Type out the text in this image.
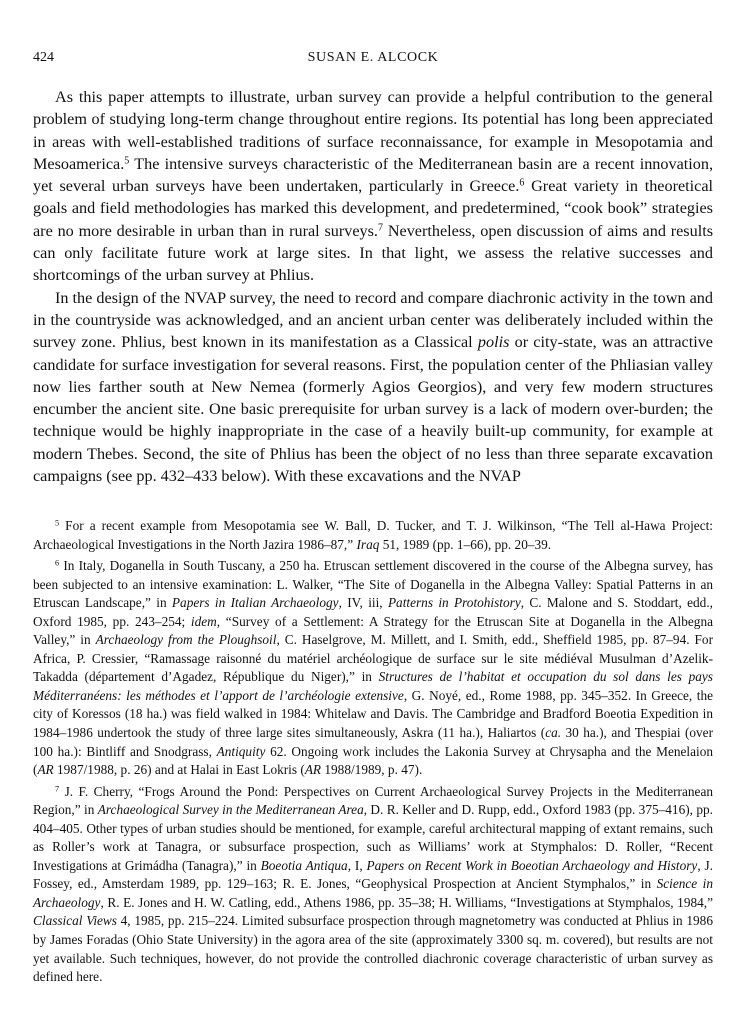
424	SUSAN E. ALCOCK

As this paper attempts to illustrate, urban survey can provide a helpful contribution to the general problem of studying long-term change throughout entire regions. Its potential has long been appreciated in areas with well-established traditions of surface reconnaissance, for example in Mesopotamia and Mesoamerica.$^5$ The intensive surveys characteristic of the Mediterranean basin are a recent innovation, yet several urban surveys have been undertaken, particularly in Greece.$^6$ Great variety in theoretical goals and field methodologies has marked this development, and predetermined, “cook book” strategies are no more desirable in urban than in rural surveys.$^7$ Nevertheless, open discussion of aims and results can only facilitate future work at large sites. In that light, we assess the relative successes and shortcomings of the urban survey at Phlius.

In the design of the NVAP survey, the need to record and compare diachronic activity in the town and in the countryside was acknowledged, and an ancient urban center was deliberately included within the survey zone. Phlius, best known in its manifestation as a Classical polis or city-state, was an attractive candidate for surface investigation for several reasons. First, the population center of the Phliasian valley now lies farther south at New Nemea (formerly Agios Georgios), and very few modern structures encumber the ancient site. One basic prerequisite for urban survey is a lack of modern over-burden; the technique would be highly inappropriate in the case of a heavily built-up community, for example at modern Thebes. Second, the site of Phlius has been the object of no less than three separate excavation campaigns (see pp. 432–433 below). With these excavations and the NVAP

$^5$ For a recent example from Mesopotamia see W. Ball, D. Tucker, and T. J. Wilkinson, “The Tell al-Hawa Project: Archaeological Investigations in the North Jazira 1986–87,” Iraq 51, 1989 (pp. 1–66), pp. 20–39.

$^6$ In Italy, Doganella in South Tuscany, a 250 ha. Etruscan settlement discovered in the course of the Albegna survey, has been subjected to an intensive examination: L. Walker, “The Site of Doganella in the Albegna Valley: Spatial Patterns in an Etruscan Landscape,” in Papers in Italian Archaeology, IV, iii, Patterns in Protohistory, C. Malone and S. Stoddart, edd., Oxford 1985, pp. 243–254; idem, “Survey of a Settlement: A Strategy for the Etruscan Site at Doganella in the Albegna Valley,” in Archaeology from the Ploughsoil, C. Haselgrove, M. Millett, and I. Smith, edd., Sheffield 1985, pp. 87–94. For Africa, P. Cressier, “Ramassage raisonné du matériel archéologique de surface sur le site médiéval Musulman d’Azelik-Takadda (département d’Agadez, République du Niger),” in Structures de l’habitat et occupation du sol dans les pays Méditerranéens: les méthodes et l’apport de l’archéologie extensive, G. Noyé, ed., Rome 1988, pp. 345–352. In Greece, the city of Koressos (18 ha.) was field walked in 1984: Whitelaw and Davis. The Cambridge and Bradford Boeotia Expedition in 1984–1986 undertook the study of three large sites simultaneously, Askra (11 ha.), Haliartos (ca. 30 ha.), and Thespiai (over 100 ha.): Bintliff and Snodgrass, Antiquity 62. Ongoing work includes the Lakonia Survey at Chrysapha and the Menelaion (AR 1987/1988, p. 26) and at Halai in East Lokris (AR 1988/1989, p. 47).

$^7$ J. F. Cherry, “Frogs Around the Pond: Perspectives on Current Archaeological Survey Projects in the Mediterranean Region,” in Archaeological Survey in the Mediterranean Area, D. R. Keller and D. Rupp, edd., Oxford 1983 (pp. 375–416), pp. 404–405. Other types of urban studies should be mentioned, for example, careful architectural mapping of extant remains, such as Roller’s work at Tanagra, or subsurface prospection, such as Williams’ work at Stymphalos: D. Roller, “Recent Investigations at Grimádha (Tanagra),” in Boeotia Antiqua, I, Papers on Recent Work in Boeotian Archaeology and History, J. Fossey, ed., Amsterdam 1989, pp. 129–163; R. E. Jones, “Geophysical Prospection at Ancient Stymphalos,” in Science in Archaeology, R. E. Jones and H. W. Catling, edd., Athens 1986, pp. 35–38; H. Williams, “Investigations at Stymphalos, 1984,” Classical Views 4, 1985, pp. 215–224. Limited subsurface prospection through magnetometry was conducted at Phlius in 1986 by James Foradas (Ohio State University) in the agora area of the site (approximately 3300 sq. m. covered), but results are not yet available. Such techniques, however, do not provide the controlled diachronic coverage characteristic of urban survey as defined here.
